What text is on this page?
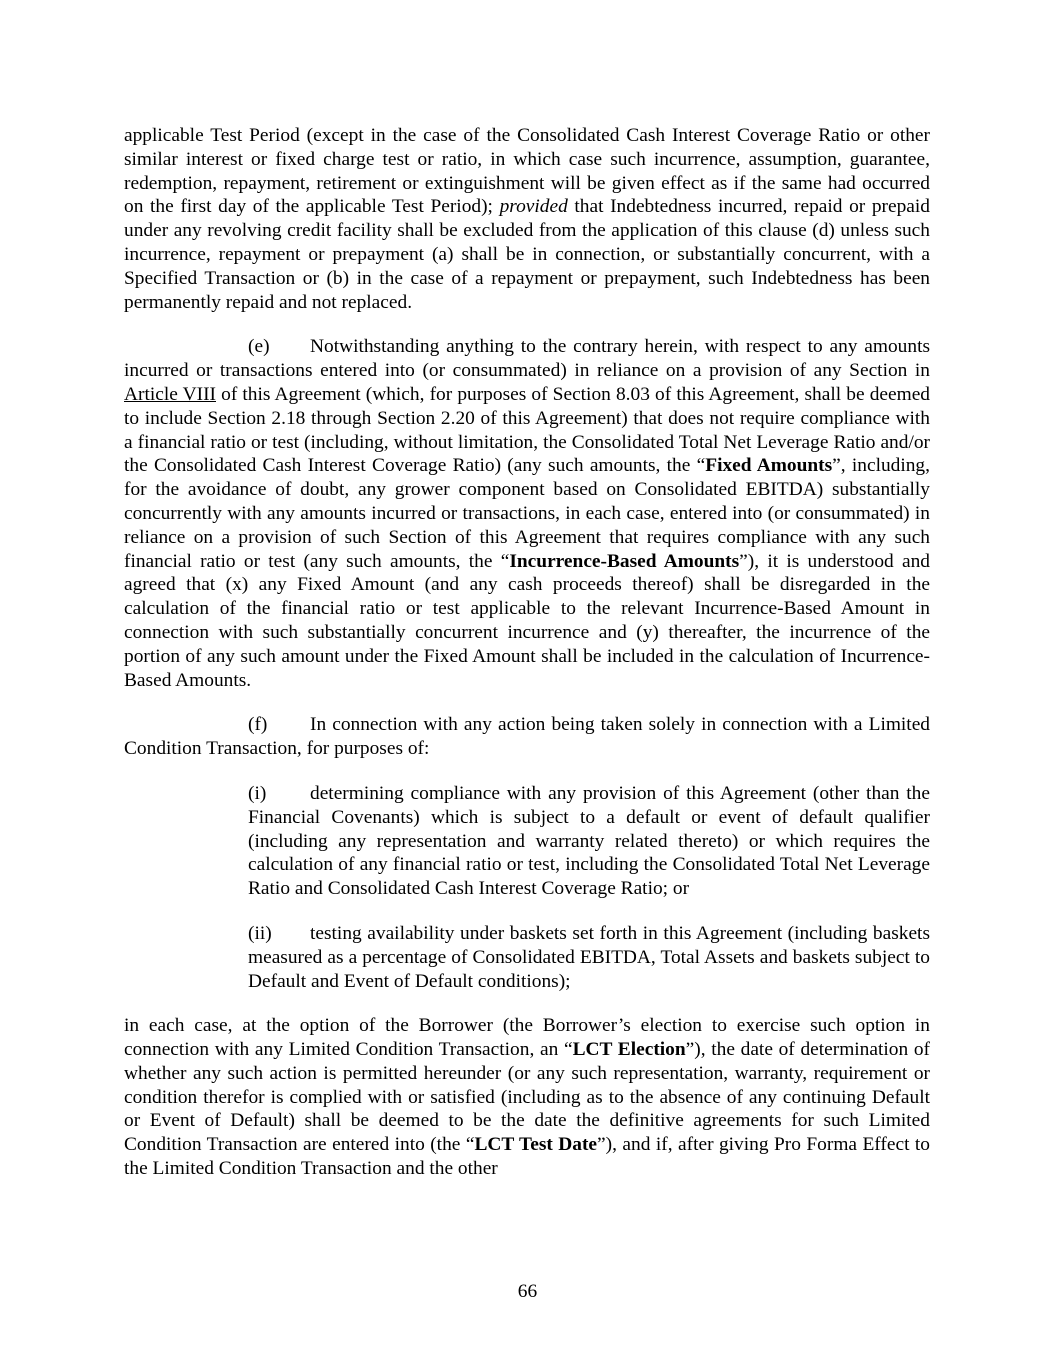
applicable Test Period (except in the case of the Consolidated Cash Interest Coverage Ratio or other similar interest or fixed charge test or ratio, in which case such incurrence, assumption, guarantee, redemption, repayment, retirement or extinguishment will be given effect as if the same had occurred on the first day of the applicable Test Period); provided that Indebtedness incurred, repaid or prepaid under any revolving credit facility shall be excluded from the application of this clause (d) unless such incurrence, repayment or prepayment (a) shall be in connection, or substantially concurrent, with a Specified Transaction or (b) in the case of a repayment or prepayment, such Indebtedness has been permanently repaid and not replaced.

(e) Notwithstanding anything to the contrary herein, with respect to any amounts incurred or transactions entered into (or consummated) in reliance on a provision of any Section in Article VIII of this Agreement (which, for purposes of Section 8.03 of this Agreement, shall be deemed to include Section 2.18 through Section 2.20 of this Agreement) that does not require compliance with a financial ratio or test (including, without limitation, the Consolidated Total Net Leverage Ratio and/or the Consolidated Cash Interest Coverage Ratio) (any such amounts, the “Fixed Amounts”, including, for the avoidance of doubt, any grower component based on Consolidated EBITDA) substantially concurrently with any amounts incurred or transactions, in each case, entered into (or consummated) in reliance on a provision of such Section of this Agreement that requires compliance with any such financial ratio or test (any such amounts, the “Incurrence-Based Amounts”), it is understood and agreed that (x) any Fixed Amount (and any cash proceeds thereof) shall be disregarded in the calculation of the financial ratio or test applicable to the relevant Incurrence-Based Amount in connection with such substantially concurrent incurrence and (y) thereafter, the incurrence of the portion of any such amount under the Fixed Amount shall be included in the calculation of Incurrence-Based Amounts.

(f) In connection with any action being taken solely in connection with a Limited Condition Transaction, for purposes of:

(i) determining compliance with any provision of this Agreement (other than the Financial Covenants) which is subject to a default or event of default qualifier (including any representation and warranty related thereto) or which requires the calculation of any financial ratio or test, including the Consolidated Total Net Leverage Ratio and Consolidated Cash Interest Coverage Ratio; or

(ii) testing availability under baskets set forth in this Agreement (including baskets measured as a percentage of Consolidated EBITDA, Total Assets and baskets subject to Default and Event of Default conditions);

in each case, at the option of the Borrower (the Borrower’s election to exercise such option in connection with any Limited Condition Transaction, an “LCT Election”), the date of determination of whether any such action is permitted hereunder (or any such representation, warranty, requirement or condition therefor is complied with or satisfied (including as to the absence of any continuing Default or Event of Default) shall be deemed to be the date the definitive agreements for such Limited Condition Transaction are entered into (the “LCT Test Date”), and if, after giving Pro Forma Effect to the Limited Condition Transaction and the other

66
